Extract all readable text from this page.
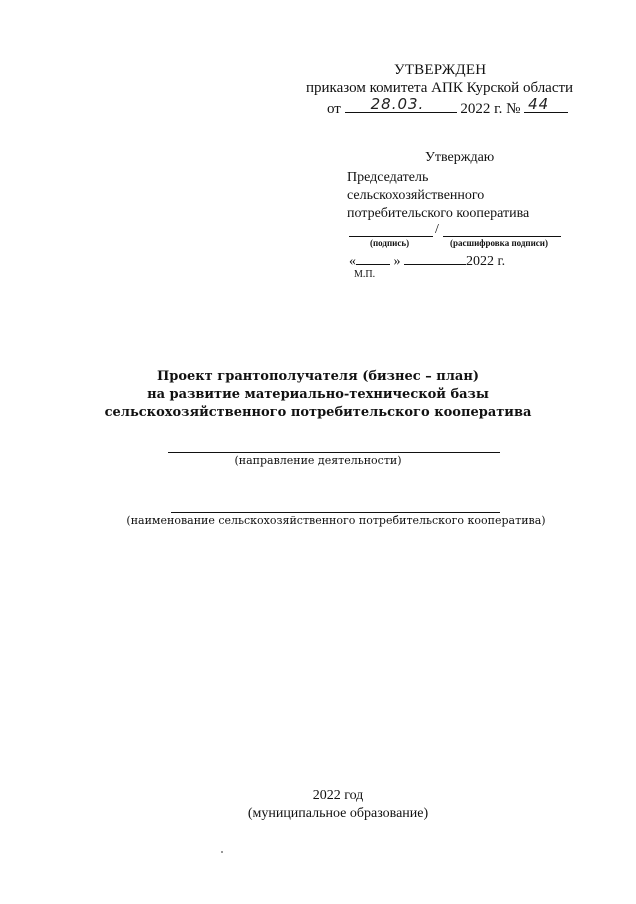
УТВЕРЖДЕН
приказом комитета АПК Курской области
от 28.03. 2022 г. № 44
Утверждаю
Председатель
сельскохозяйственного
потребительского кооператива
/
(подпись)	(расшифровка подписи)
«	»	2022 г.
М.П.
Проект грантополучателя (бизнес – план)
на развитие материально-технической базы
сельскохозяйственного потребительского кооператива
(направление деятельности)
(наименование сельскохозяйственного потребительского кооператива)
2022 год
(муниципальное образование)
